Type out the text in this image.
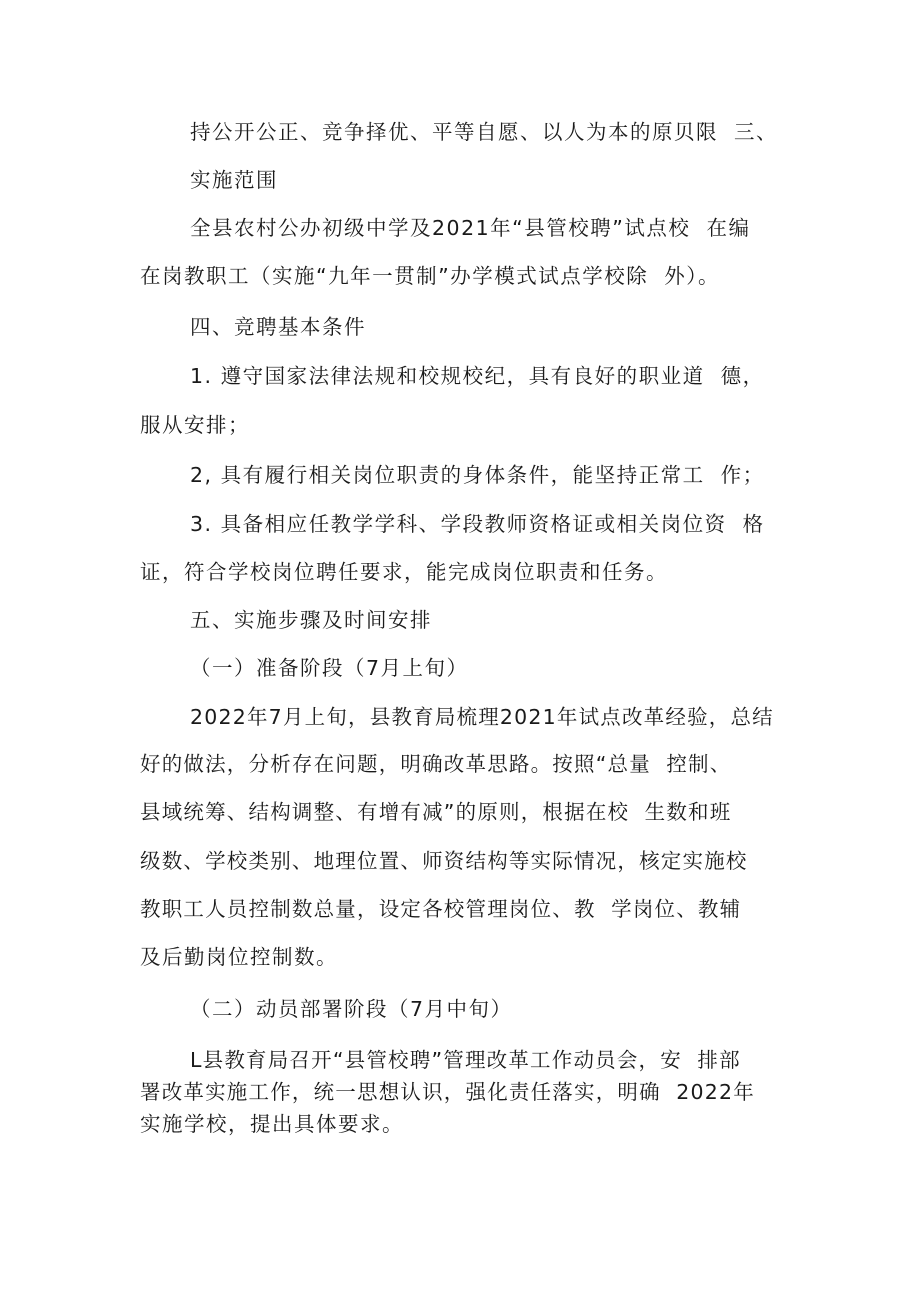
持公开公正、竞争择优、平等自愿、以人为本的原贝限  三、

实施范围

全县农村公办初级中学及2021年“县管校聘”试点校  在编

在岗教职工（实施“九年一贯制”办学模式试点学校除  外）。

四、竞聘基本条件

1. 遵守国家法律法规和校规校纪，具有良好的职业道  德，

服从安排；

2, 具有履行相关岗位职责的身体条件，能坚持正常工  作；

3. 具备相应任教学学科、学段教师资格证或相关岗位资  格

证，符合学校岗位聘任要求，能完成岗位职责和任务。

五、实施步骤及时间安排

（一）准备阶段（7月上旬）

2022年7月上旬，县教育局梳理2021年试点改革经验，总结

好的做法，分析存在问题，明确改革思路。按照“总量  控制、

县域统筹、结构调整、有增有减”的原则，根据在校  生数和班

级数、学校类别、地理位置、师资结构等实际情况，核定实施校

教职工人员控制数总量，设定各校管理岗位、教  学岗位、教辅

及后勤岗位控制数。

（二）动员部署阶段（7月中旬）

L县教育局召开“县管校聘”管理改革工作动员会，安  排部

署改革实施工作，统一思想认识，强化责任落实，明确  2022年

实施学校，提出具体要求。
